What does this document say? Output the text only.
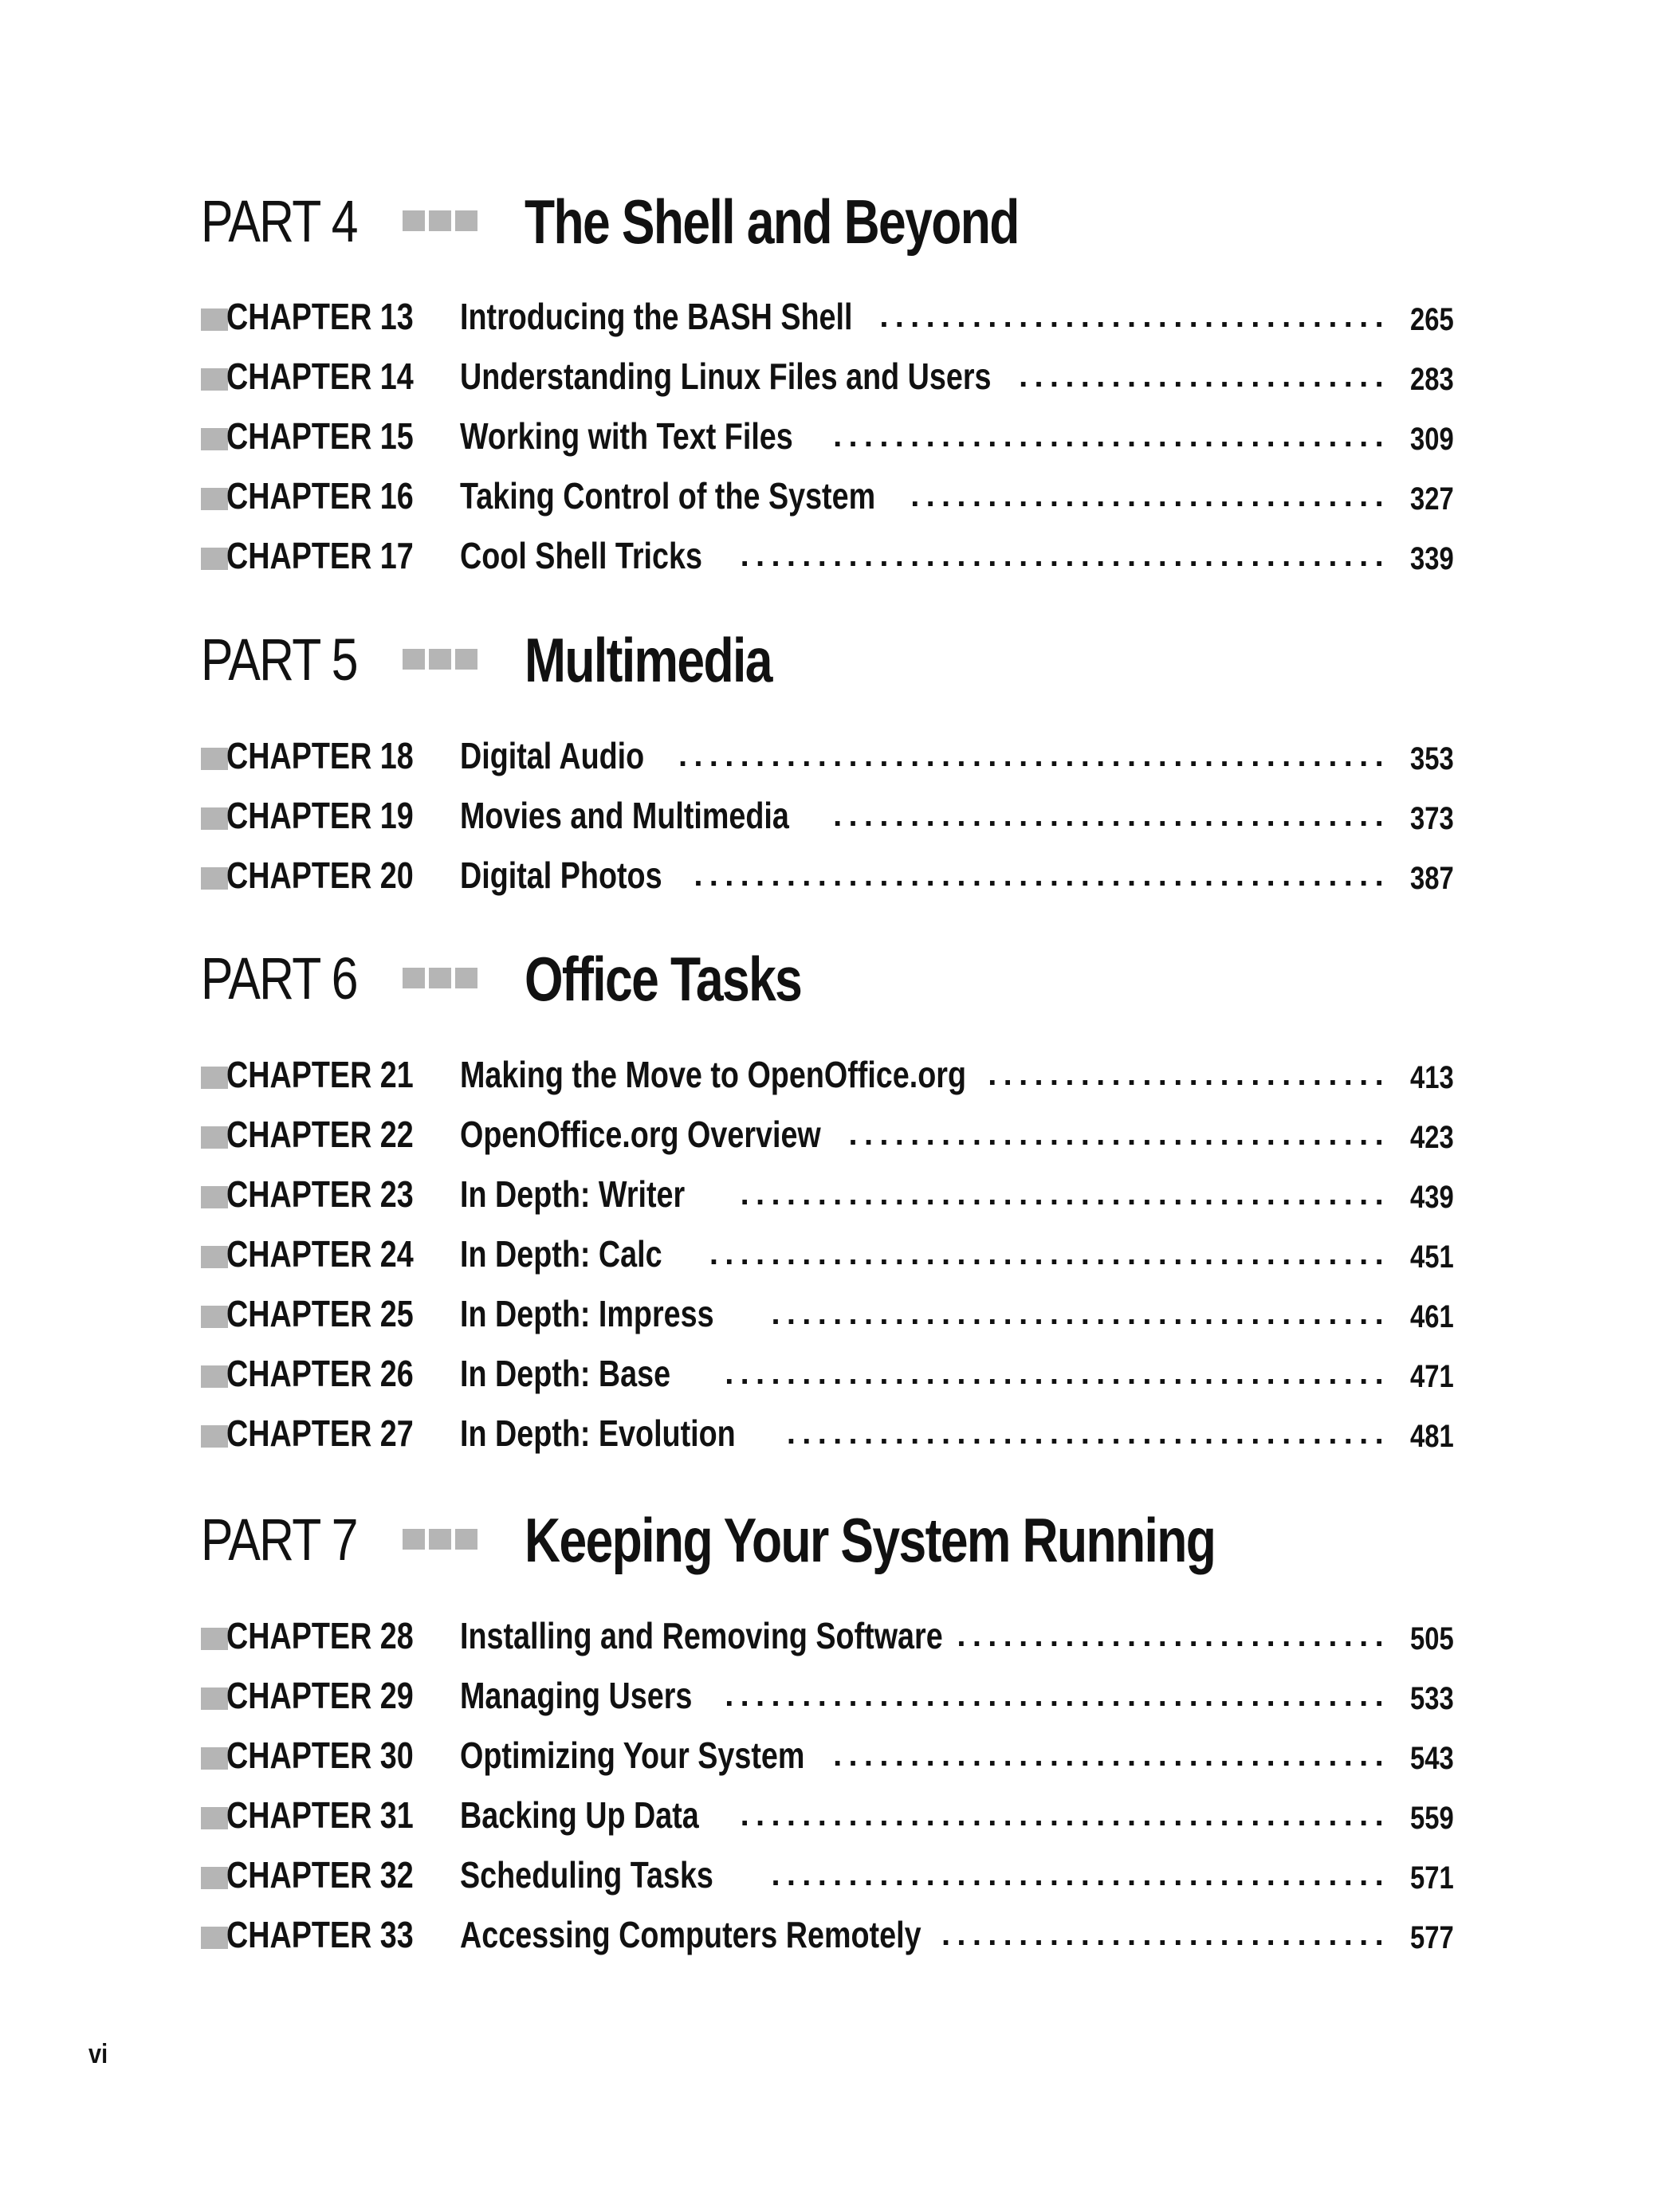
PART 4	The Shell and Beyond
CHAPTER 13 Introducing the BASH Shell ................................. 265
CHAPTER 14 Understanding Linux Files and Users ........................ 283
CHAPTER 15 Working with Text Files .................................... 309
CHAPTER 16 Taking Control of the System ............................... 327
CHAPTER 17 Cool Shell Tricks .......................................... 339
PART 5	Multimedia
CHAPTER 18 Digital Audio .............................................. 353
CHAPTER 19 Movies and Multimedia .................................... 373
CHAPTER 20 Digital Photos ............................................. 387
PART 6	Office Tasks
CHAPTER 21 Making the Move to OpenOffice.org .......................... 413
CHAPTER 22 OpenOffice.org Overview ................................... 423
CHAPTER 23 In Depth: Writer .......................................... 439
CHAPTER 24 In Depth: Calc ............................................ 451
CHAPTER 25 In Depth: Impress ........................................ 461
CHAPTER 26 In Depth: Base ........................................... 471
CHAPTER 27 In Depth: Evolution ....................................... 481
PART 7	Keeping Your System Running
CHAPTER 28 Installing and Removing Software ............................ 505
CHAPTER 29 Managing Users ........................................... 533
CHAPTER 30 Optimizing Your System .................................... 543
CHAPTER 31 Backing Up Data .......................................... 559
CHAPTER 32 Scheduling Tasks ........................................ 571
CHAPTER 33 Accessing Computers Remotely ............................. 577
vi
